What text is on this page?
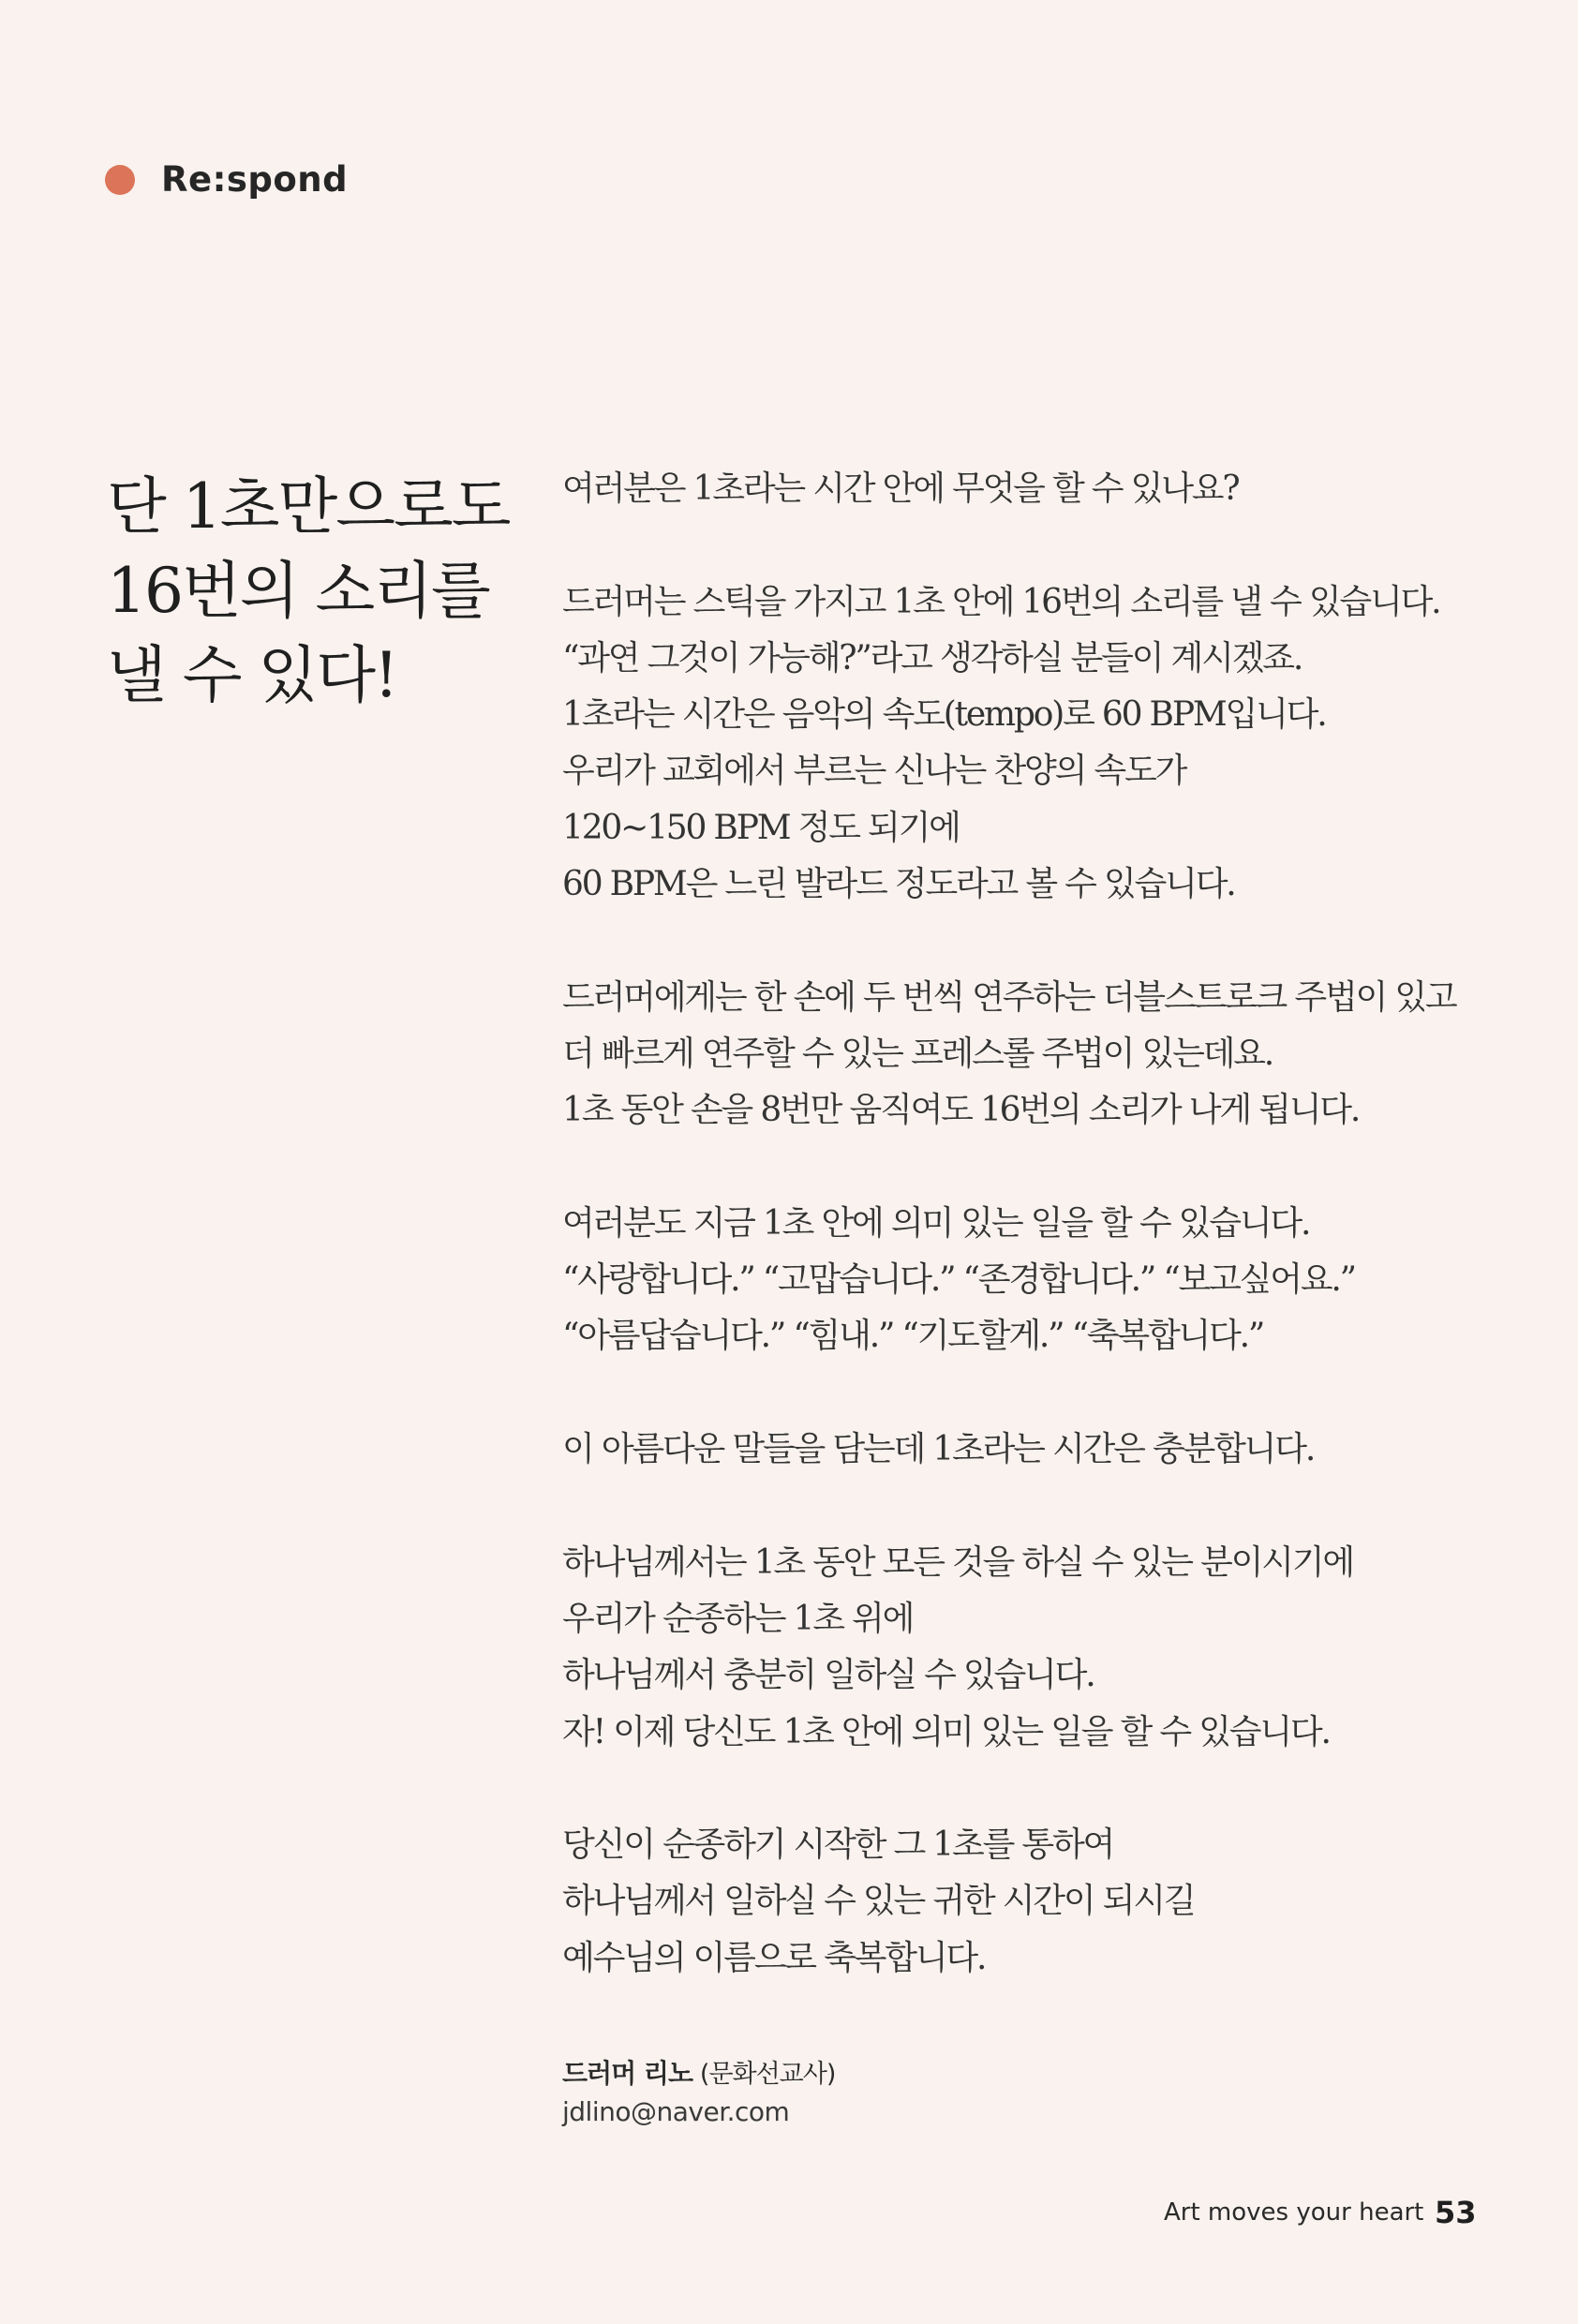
Re:spond
단 1초만으로도
16번의 소리를
낼 수 있다!

여러분은 1초라는 시간 안에 무엇을 할 수 있나요?

드러머는 스틱을 가지고 1초 안에 16번의 소리를 낼 수 있습니다.
“과연 그것이 가능해?”라고 생각하실 분들이 계시겠죠.
1초라는 시간은 음악의 속도(tempo)로 60 BPM입니다.
우리가 교회에서 부르는 신나는 찬양의 속도가
120~150 BPM 정도 되기에
60 BPM은 느린 발라드 정도라고 볼 수 있습니다.

드러머에게는 한 손에 두 번씩 연주하는 더블스트로크 주법이 있고
더 빠르게 연주할 수 있는 프레스롤 주법이 있는데요.
1초 동안 손을 8번만 움직여도 16번의 소리가 나게 됩니다.

여러분도 지금 1초 안에 의미 있는 일을 할 수 있습니다.
“사랑합니다.” “고맙습니다.” “존경합니다.” “보고싶어요.”
“아름답습니다.” “힘내.” “기도할게.” “축복합니다.”

이 아름다운 말들을 담는데 1초라는 시간은 충분합니다.

하나님께서는 1초 동안 모든 것을 하실 수 있는 분이시기에
우리가 순종하는 1초 위에
하나님께서 충분히 일하실 수 있습니다.
자! 이제 당신도 1초 안에 의미 있는 일을 할 수 있습니다.

당신이 순종하기 시작한 그 1초를 통하여
하나님께서 일하실 수 있는 귀한 시간이 되시길
예수님의 이름으로 축복합니다.

드러머 리노 (문화선교사)
jdlino@naver.com
Art moves your heart 53
